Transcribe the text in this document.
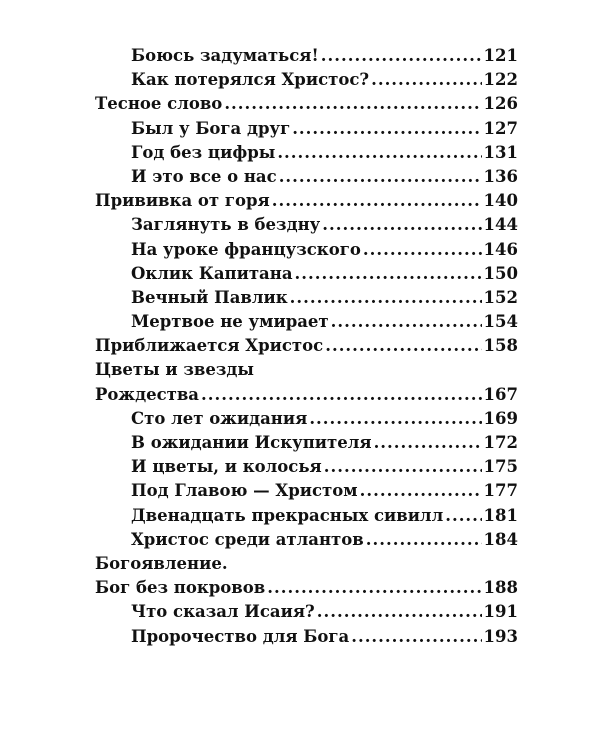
Боюсь задуматься! .....	121
Как потерялся Христос? .....	122
Тесное слово .....	126
Был у Бога друг .....	127
Год без цифры .....	131
И это все о нас .....	136
Прививка от горя .....	140
Заглянуть в бездну .....	144
На уроке французского .....	146
Оклик Капитана .....	150
Вечный Павлик .....	152
Мертвое не умирает .....	154
Приближается Христос .....	158
Цветы и звезды
Рождества .....	167
Сто лет ожидания .....	169
В ожидании Искупителя .....	172
И цветы, и колосья .....	175
Под Главою — Христом .....	177
Двенадцать прекрасных сивилл ..... 181
Христос среди атлантов .....	184
Богоявление.
Бог без покровов .....	188
Что сказал Исаия? .....	191
Пророчество для Бога .....	193
